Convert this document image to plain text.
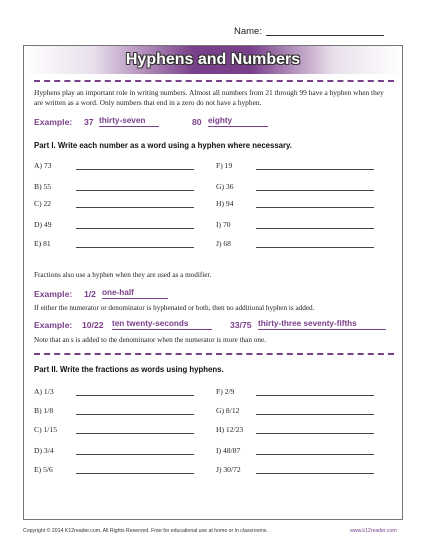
Name:
Hyphens and Numbers
Hyphens play an important role in writing numbers. Almost all numbers from 21 through 99 have a hyphen when they are written as a word. Only numbers that end in a zero do not have a hyphen.
Example: 37 thirty-seven	80 eighty
Part I. Write each number as a word using a hyphen where necessary.
A) 73	F) 19
B) 55	G) 36
C) 22	H) 94
D) 49	I) 70
E) 81	J) 68
Fractions also use a hyphen when they are used as a modifier.
Example: 1/2 one-half
If either the numerator or denominator is hyphenated or both, then no additional hyphen is added.
Example: 10/22 ten twenty-seconds	33/75 thirty-three seventy-fifths
Note that an s is added to the denominator when the numerator is more than one.
Part II. Write the fractions as words using hyphens.
A) 1/3	F) 2/9
B) 1/8	G) 8/12
C) 1/15	H) 12/23
D) 3/4	I) 48/87
E) 5/6	J) 30/72
Copyright © 2014 K12reader.com. All Rights Reserved. Free for educational use at home or in classrooms.	www.k12reader.com
